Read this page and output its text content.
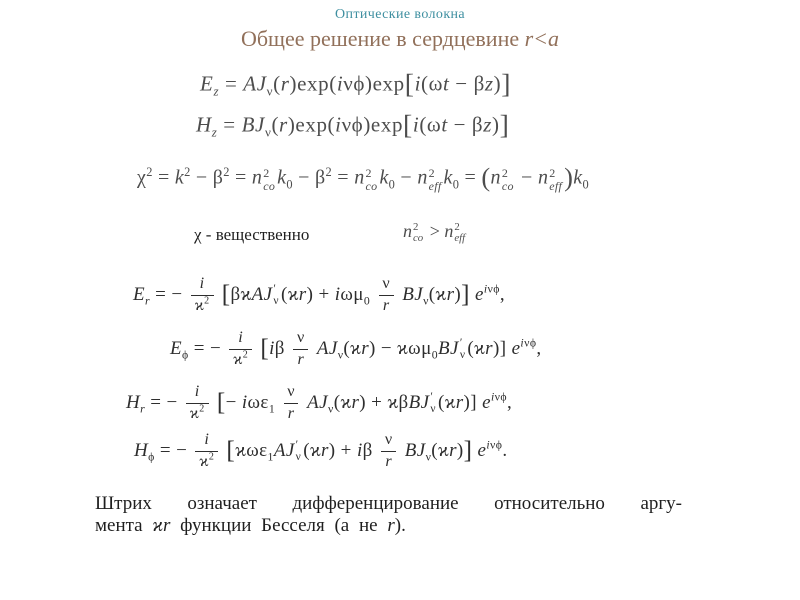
Оптические волокна
Общее решение в сердцевине r<a
$E_z = AJ_\nu(r)\exp(i\nu\phi)\exp[i(\omega t - \beta z)]$
$H_z = BJ_\nu(r)\exp(i\nu\phi)\exp[i(\omega t - \beta z)]$
$\chi^2 = k^2 - \beta^2 = n$ 2
co $k_0 - \beta^2 = n$ 2
co $k_0 - n$ 2
eff $k_0 = (n$ 2
co − n 2
eff )$k_0$
χ - вещественно	n 2
co > n 2
eff
$E_r$ = − $\frac{i}{ϰ^2} [\beta ϰAJ$ ′
ν $(ϰr) + i\omega\mu_0 \frac{\nu}{r} BJ_\nu(ϰr)$] $e^{i\nu\phi}$,
$E_\phi$ = − $\frac{i}{ϰ^2} [i\beta \frac{\nu}{r} AJ_\nu(ϰr) - ϰ\omega\mu_0BJ$ ′
ν (ϰr)] $e^{i\nu\phi}$,
$H_r$ = − $\frac{i}{ϰ^2}$ [− $i\omega\varepsilon_1 \frac{\nu}{r} AJ_\nu(ϰr) + ϰ\beta BJ$ ′
ν (ϰr)] $e^{i\nu\phi}$,
$H_\phi$ = − $\frac{i}{ϰ^2} [ϰ\omega\varepsilon_1AJ$ ′
ν (ϰr) + iβ $\frac{\nu}{r} BJ_\nu(ϰr)$] $e^{i\nu\phi}$.
Штрих означает дифференцирование относительно аргу-
мента ϰr функции Бесселя (а не r).
